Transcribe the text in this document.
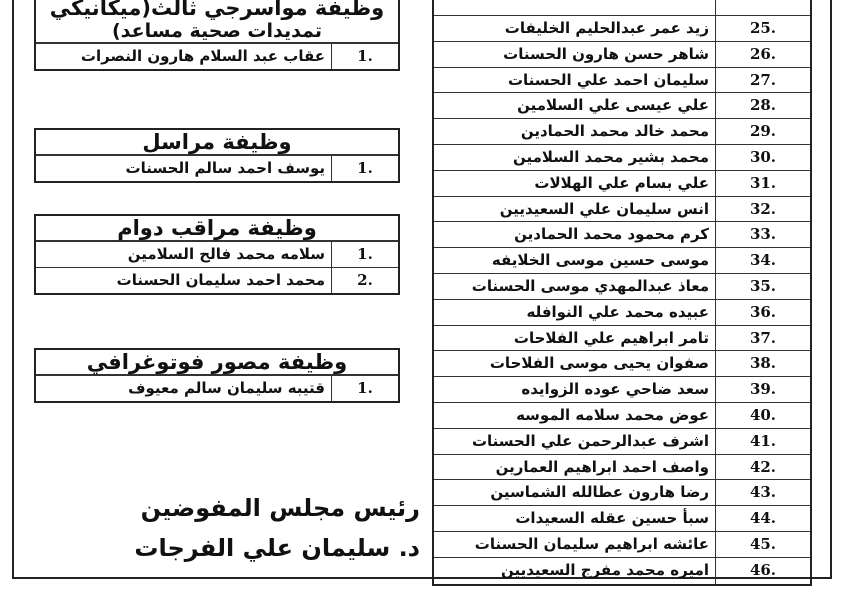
زيد عمر عبدالحليم الخليفات	25.
شاهر حسن هارون الحسنات	26.
سليمان احمد علي الحسنات	27.
علي عيسى علي السلامين	28.
محمد خالد محمد الحمادين	29.
محمد بشير محمد السلامين	30.
علي بسام علي الهلالات	31.
انس سليمان علي السعيديين	32.
كرم محمود محمد الحمادين	33.
موسى حسين موسى الخلايفه	34.
معاذ عبدالمهدي موسى الحسنات	35.
عبيده محمد علي النوافله	36.
تامر ابراهيم علي الفلاحات	37.
صفوان يحيى موسى الفلاحات	38.
سعد ضاحي عوده الزوايده	39.
عوض محمد سلامه الموسه	40.
اشرف عبدالرحمن علي الحسنات	41.
واصف احمد ابراهيم العمارين	42.
رضا هارون عطالله الشماسين	43.
سبأ حسين عقله السعيدات	44.
عائشه ابراهيم سليمان الحسنات	45.
اميره محمد مفرج السعيديين	46.
وظيفة مواسرجي ثالث(ميكانيكي
تمديدات صحية مساعد)
عقاب عبد السلام هارون النصرات	1.
وظيفة مراسل
يوسف احمد سالم الحسنات	1.
وظيفة مراقب دوام
سلامه محمد فالح السلامين	1.
محمد احمد سليمان الحسنات	2.
وظيفة مصور فوتوغرافي
قتيبه سليمان سالم معيوف	1.
رئيس مجلس المفوضين
د. سليمان علي الفرجات
